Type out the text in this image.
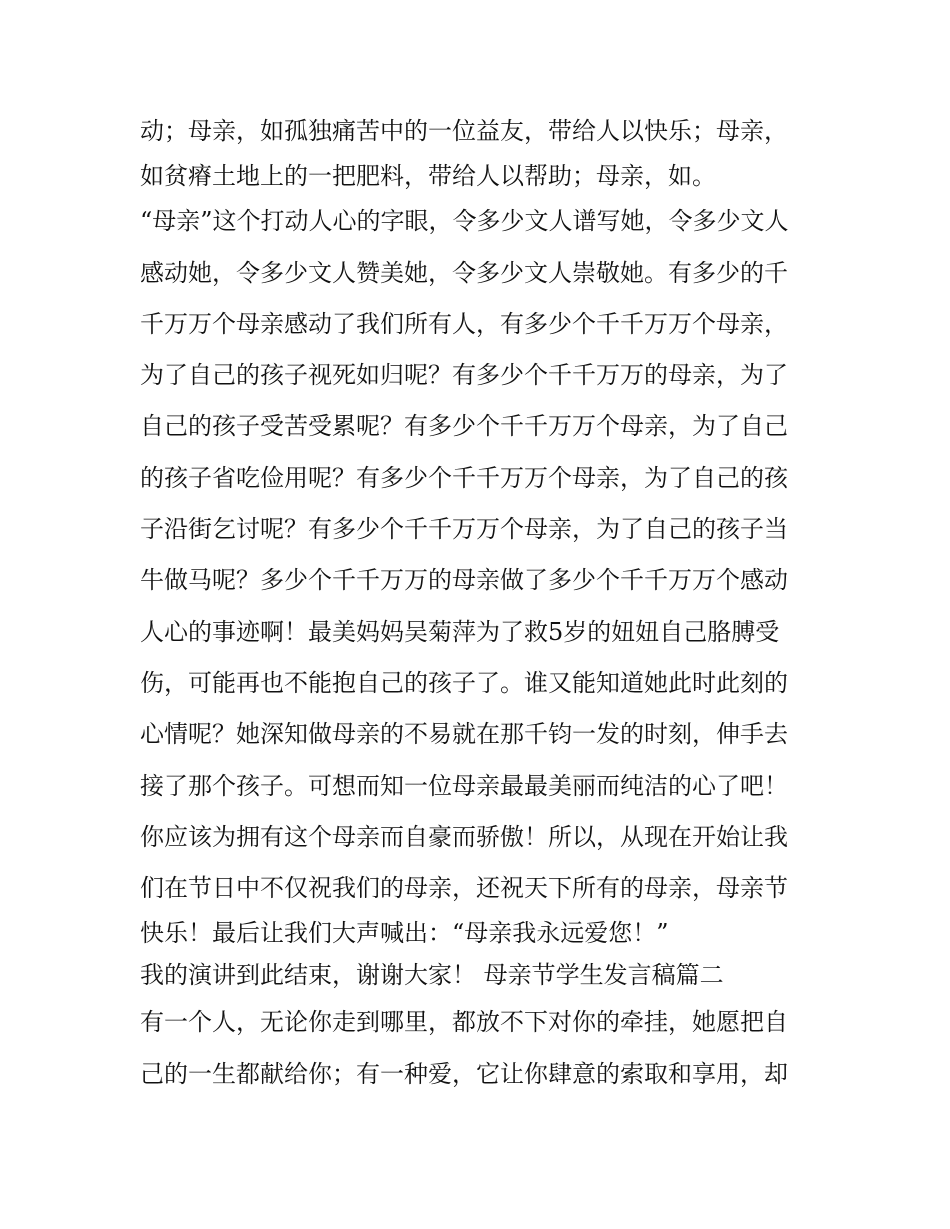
动；母亲，如孤独痛苦中的一位益友，带给人以快乐；母亲，
如贫瘠土地上的一把肥料，带给人以帮助；母亲，如。
“母亲”这个打动人心的字眼，令多少文人谱写她，令多少文人
感动她，令多少文人赞美她，令多少文人崇敬她。有多少的千
千万万个母亲感动了我们所有人，有多少个千千万万个母亲，
为了自己的孩子视死如归呢？有多少个千千万万的母亲，为了
自己的孩子受苦受累呢？有多少个千千万万个母亲，为了自己
的孩子省吃俭用呢？有多少个千千万万个母亲，为了自己的孩
子沿街乞讨呢？有多少个千千万万个母亲，为了自己的孩子当
牛做马呢？多少个千千万万的母亲做了多少个千千万万个感动
人心的事迹啊！最美妈妈吴菊萍为了救5岁的妞妞自己胳膊受
伤，可能再也不能抱自己的孩子了。谁又能知道她此时此刻的
心情呢？她深知做母亲的不易就在那千钧一发的时刻，伸手去
接了那个孩子。可想而知一位母亲最最美丽而纯洁的心了吧！
你应该为拥有这个母亲而自豪而骄傲！所以，从现在开始让我
们在节日中不仅祝我们的母亲，还祝天下所有的母亲，母亲节
快乐！最后让我们大声喊出：“母亲我永远爱您！”
我的演讲到此结束，谢谢大家！ 母亲节学生发言稿篇二
有一个人，无论你走到哪里，都放不下对你的牵挂，她愿把自
己的一生都献给你；有一种爱，它让你肆意的索取和享用，却
